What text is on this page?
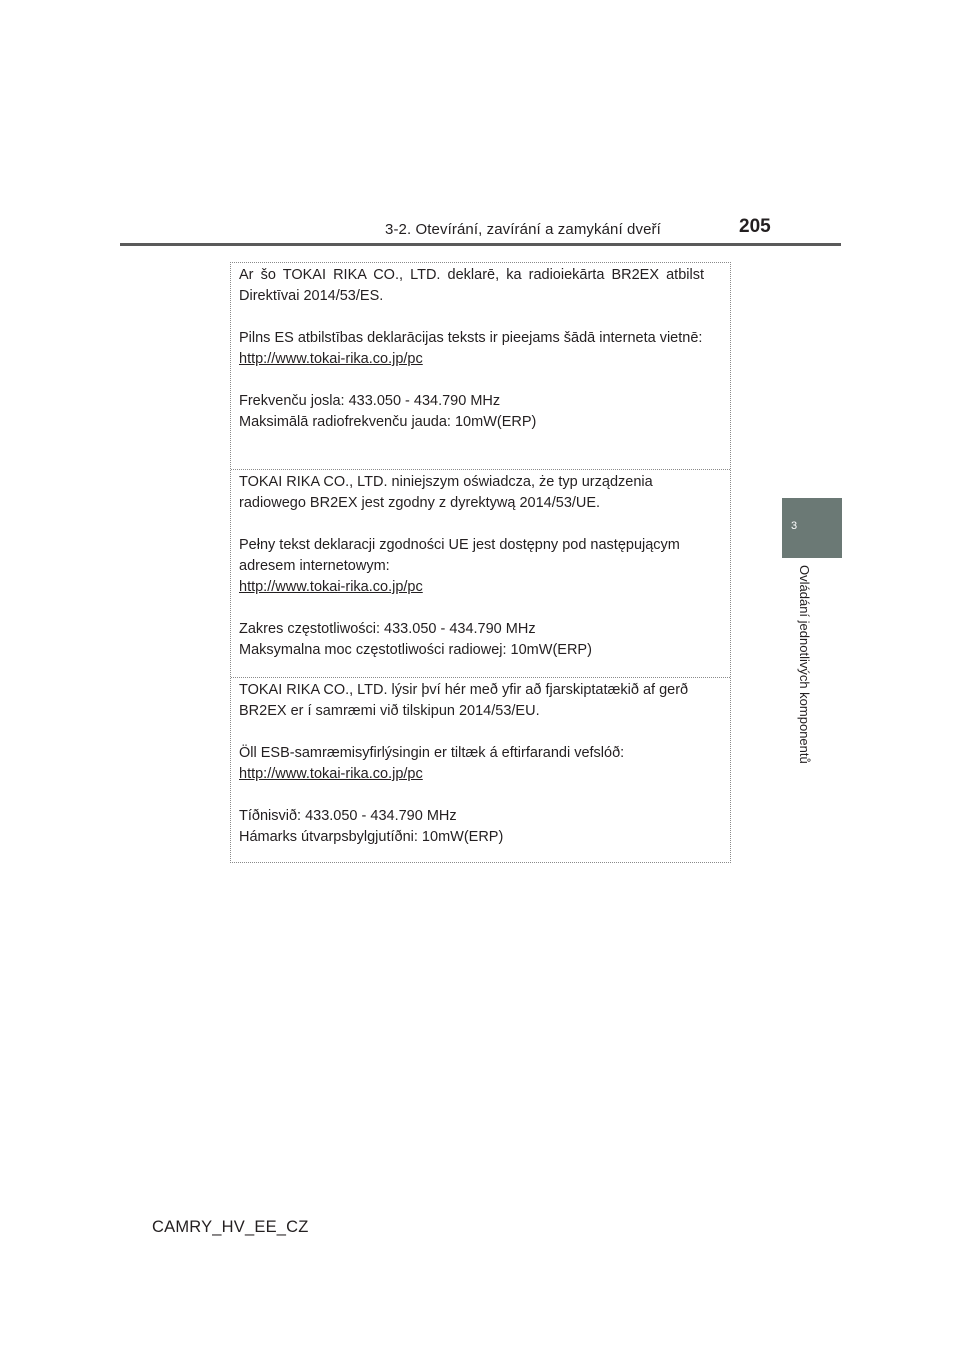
3-2. Otevírání, zavírání a zamykání dveří	205
3
Ovládání jednotlivých komponentů

Ar šo TOKAI RIKA CO., LTD. deklarē, ka radioiekārta BR2EX atbilst Direktīvai 2014/53/ES.

Pilns ES atbilstības deklarācijas teksts ir pieejams šādā interneta vietnē:

http://www.tokai-rika.co.jp/pc

Frekvenču josla: 433.050 - 434.790 MHz

Maksimālā radiofrekvenču jauda: 10mW(ERP)

TOKAI RIKA CO., LTD. niniejszym oświadcza, że typ urządzenia radiowego BR2EX jest zgodny z dyrektywą 2014/53/UE.

Pełny tekst deklaracji zgodności UE jest dostępny pod następującym adresem internetowym:

http://www.tokai-rika.co.jp/pc

Zakres częstotliwości: 433.050 - 434.790 MHz

Maksymalna moc częstotliwości radiowej: 10mW(ERP)

TOKAI RIKA CO., LTD. lýsir því hér með yfir að fjarskiptatækið af gerð BR2EX er í samræmi við tilskipun 2014/53/EU.

Öll ESB-samræmisyfirlýsingin er tiltæk á eftirfarandi vefslóð:

http://www.tokai-rika.co.jp/pc

Tíðnisvið: 433.050 - 434.790 MHz

Hámarks útvarpsbylgjutíðni: 10mW(ERP)

CAMRY_HV_EE_CZ
